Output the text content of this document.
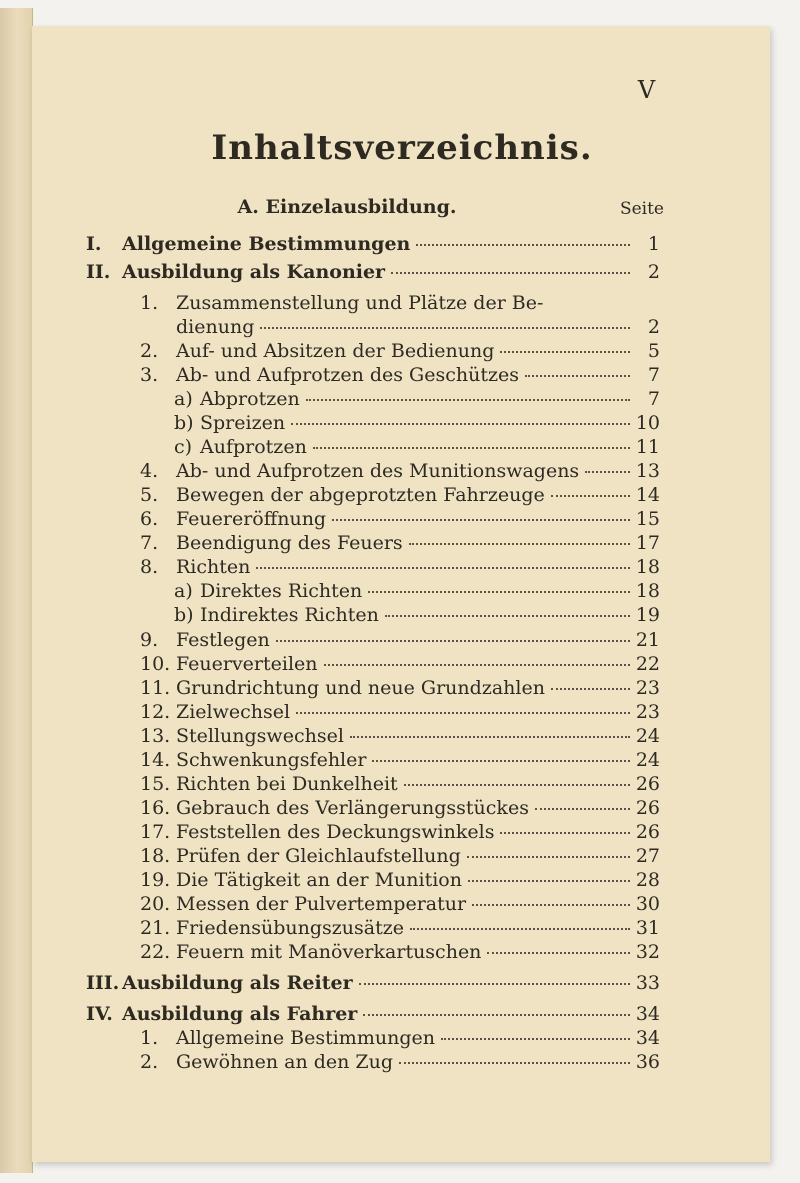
V
Inhaltsverzeichnis.
A. Einzelausbildung.	Seite
I.	Allgemeine Bestimmungen	1
II. Ausbildung als Kanonier	2
1. Zusammenstellung und Plätze der Be-
dienung	2
2. Auf- und Absitzen der Bedienung	5
3. Ab- und Aufprotzen des Geschützes	7
a) Abprotzen	7
b) Spreizen	10
c) Aufprotzen	11
4. Ab- und Aufprotzen des Munitionswagens	13
5. Bewegen der abgeprotzten Fahrzeuge	14
6. Feuereröffnung	15
7. Beendigung des Feuers	17
8. Richten	18
a) Direktes Richten	18
b) Indirektes Richten	19
9. Festlegen	21
10. Feuerverteilen	22
11. Grundrichtung und neue Grundzahlen	23
12. Zielwechsel	23
13. Stellungswechsel	24
14. Schwenkungsfehler	24
15. Richten bei Dunkelheit	26
16. Gebrauch des Verlängerungsstückes	26
17. Feststellen des Deckungswinkels	26
18. Prüfen der Gleichlaufstellung	27
19. Die Tätigkeit an der Munition	28
20. Messen der Pulvertemperatur	30
21. Friedensübungszusätze	31
22. Feuern mit Manöverkartuschen	32
III. Ausbildung als Reiter	33
IV. Ausbildung als Fahrer	34
1. Allgemeine Bestimmungen	34
2. Gewöhnen an den Zug	36
